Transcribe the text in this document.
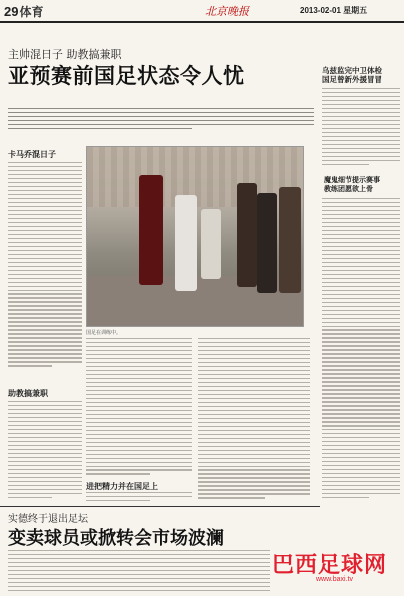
29体育	北京晚报	2013-02-01 星期五
主帅混日子 助教搞兼职
亚预赛前国足状态令人忧	乌兹监完中卫体检
国足曾新外援冒冒
魔鬼细节提示赛事
教练团愿欲上骨
卡马乔混日子
助教搞兼职
国足在训练中。
进把精力并在国足上
实德终于退出足坛
变卖球员或掀转会市场波澜
巴西足球网
www.baxi.tv
